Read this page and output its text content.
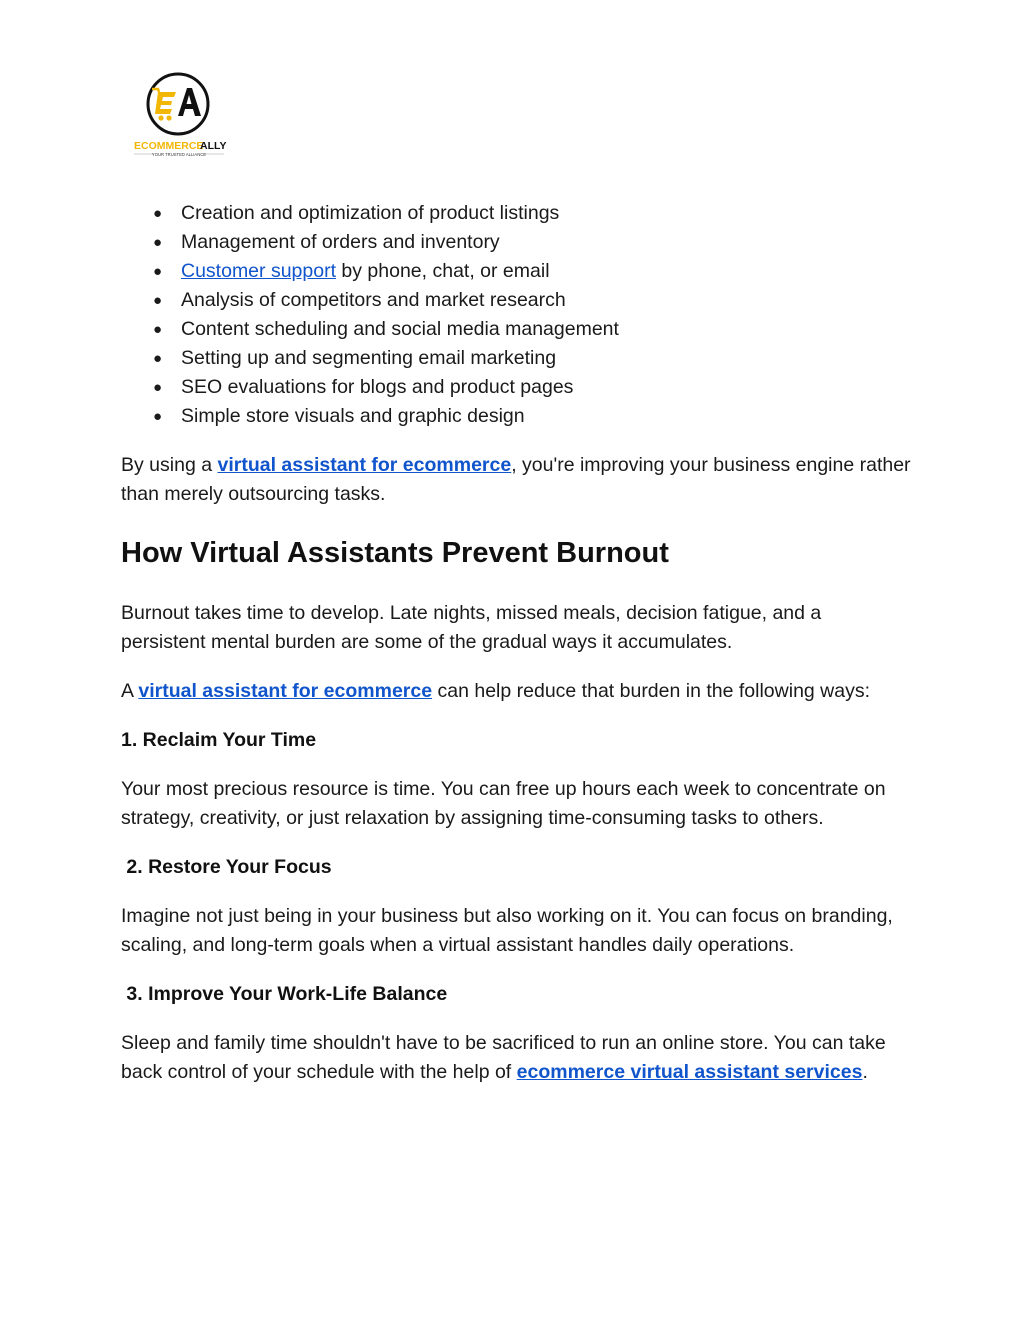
ECOMMERCE
ALLY
YOUR TRUSTED ALLIANCE
● Creation and optimization of product listings
● Management of orders and inventory
● Customer support by phone, chat, or email
● Analysis of competitors and market research
● Content scheduling and social media management
● Setting up and segmenting email marketing
● SEO evaluations for blogs and product pages
● Simple store visuals and graphic design

By using a virtual assistant for ecommerce, you're improving your business engine rather than merely outsourcing tasks.

How Virtual Assistants Prevent Burnout

Burnout takes time to develop. Late nights, missed meals, decision fatigue, and a persistent mental burden are some of the gradual ways it accumulates.

A virtual assistant for ecommerce can help reduce that burden in the following ways:

1. Reclaim Your Time

Your most precious resource is time. You can free up hours each week to concentrate on strategy, creativity, or just relaxation by assigning time-consuming tasks to others.

2. Restore Your Focus

Imagine not just being in your business but also working on it. You can focus on branding, scaling, and long-term goals when a virtual assistant handles daily operations.

3. Improve Your Work-Life Balance

Sleep and family time shouldn't have to be sacrificed to run an online store. You can take back control of your schedule with the help of ecommerce virtual assistant services.
